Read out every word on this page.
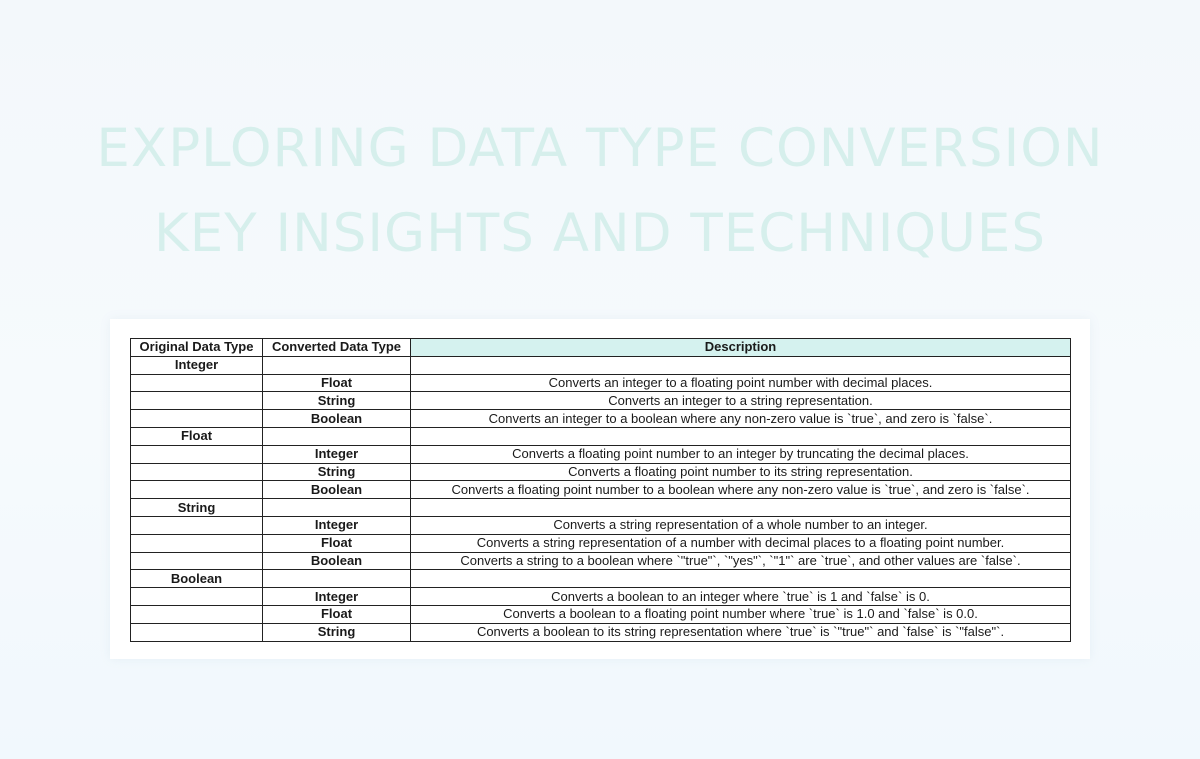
EXPLORING DATA TYPE CONVERSION
KEY INSIGHTS AND TECHNIQUES
Original Data Type	Converted Data Type	Description
Integer		
	Float	Converts an integer to a floating point number with decimal places.
	String	Converts an integer to a string representation.
	Boolean	Converts an integer to a boolean where any non-zero value is `true`, and zero is `false`.
Float		
	Integer	Converts a floating point number to an integer by truncating the decimal places.
	String	Converts a floating point number to its string representation.
	Boolean	Converts a floating point number to a boolean where any non-zero value is `true`, and zero is `false`.
String		
	Integer	Converts a string representation of a whole number to an integer.
	Float	Converts a string representation of a number with decimal places to a floating point number.
	Boolean	Converts a string to a boolean where `"true"`, `"yes"`, `"1"` are `true`, and other values are `false`.
Boolean		
	Integer	Converts a boolean to an integer where `true` is 1 and `false` is 0.
	Float	Converts a boolean to a floating point number where `true` is 1.0 and `false` is 0.0.
	String	Converts a boolean to its string representation where `true` is `"true"` and `false` is `"false"`.
